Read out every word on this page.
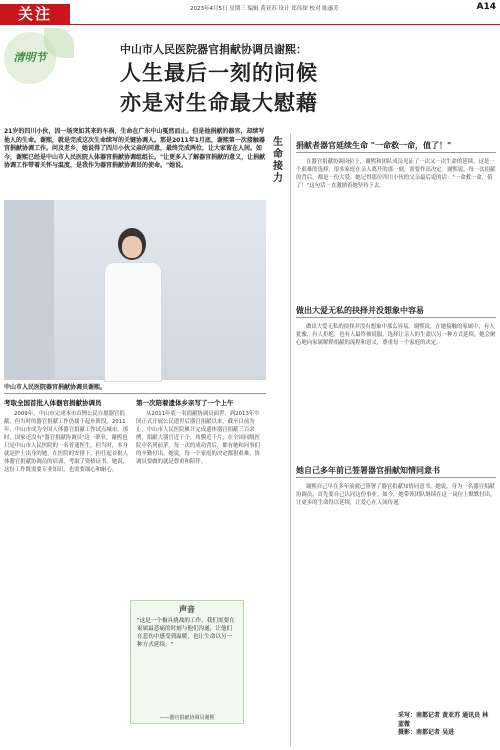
关注	2023年4月5日 星期三 编辑 黄亚苏 设计 郑伟琛 校对 陈惠芳	A14
清明节
中山市人民医院器官捐献协调员谢熙：
人生最后一刻的问候
亦是对生命最大慰藉
21岁的四川小伙，因一场突如其来的车祸，生命在广东中山戛然而止。但是他捐献的器官，却续写他人的生命。谢熙，就是完成这次生命续写的关键协调人。那是2011年1月底，谢熙第一次接触器官捐献协调工作。问及老乡，她说得了四川小伙父亲的同意，最终完成两位，让大家留在人间。如今，谢熙已经是中山市人民医院人体器官捐献协调组组长。"让更多人了解器官捐献的意义，让捐献协调工作带着关怀与温度，是我作为器官捐献协调员的使命。"她说。
中山市人民医院器官捐献协调员谢熙。
考取全国首批人体器官捐献协调员	第一次陪着遗体乡亲写了一个上午

2009年，中山市完成本市首例公民自愿器官捐献，但当时的器官捐献工作仍属于起步阶段。2011年，中山市成为全国人体器官捐献工作试点城市。那时，国家还没有"器官捐献协调员"这一职业，谢熙也只是中山市人民医院的一名普通医生。但当时，本身就是护士出身的她，在医院的安排下，担任起首批人体器官捐献协调员的培训，考取了资格证书。她说，这份工作既需要专业知识，也需要细心和耐心。

从2011年底一名捐献协调员面世，到2013年中国正式开展公民逝世后器官捐献以来，截至目前为止，中山市人民医院累计完成遗体器官捐献三百余例，捐献大器官近千个，角膜近千片，在全国同级医院中名列前茅。每一次的成功背后，都有她和同事们的辛勤付出。她说，每一个家庭的决定都很艰难，协调员要做的就是尊重和陪伴。

生命接力
捐献者器官延续生命 "一命救一命，值了！"

在器官捐献协调岗位上，谢熙和团队成员见证了一次又一次生命的延续。这是一个艰难的选择，很多家庭在亲人离开的那一刻，需要作出决定。谢熙说，每一次捐献的背后，都是一份大爱。她记得那位四川小伙的父亲最后说的话："一命救一命，值了！"这句话一直激励着她坚持下去。

做出大爱无私的抉择并没想象中容易

做出大爱无私的抉择并没有想象中那么容易。谢熙说，在她接触的家属中，有人犹豫，有人拒绝，也有人最终被说服，选择让亲人的生命以另一种方式延续。她会耐心地向家属解释捐献的流程和意义，尊重每一个家庭的决定。

她自己多年前已签署器官捐献知情同意书

谢熙自己早在多年前就已签署了器官捐献知情同意书。她说，身为一名器官捐献协调员，首先要自己认同这份事业。如今，她带领团队继续在这一岗位上默默付出，让更多的生命得以延续，让爱心在人间传递。

声音
"这是一个极具挑战的工作，我们需要在家属最悲痛的时刻与他们沟通，让他们在悲伤中感受到温暖，也让生命以另一种方式延续。"
——器官捐献协调员谢熙	采写：南都记者 黄亚苏 通讯员 林蓝微
摄影：南都记者 吴进
